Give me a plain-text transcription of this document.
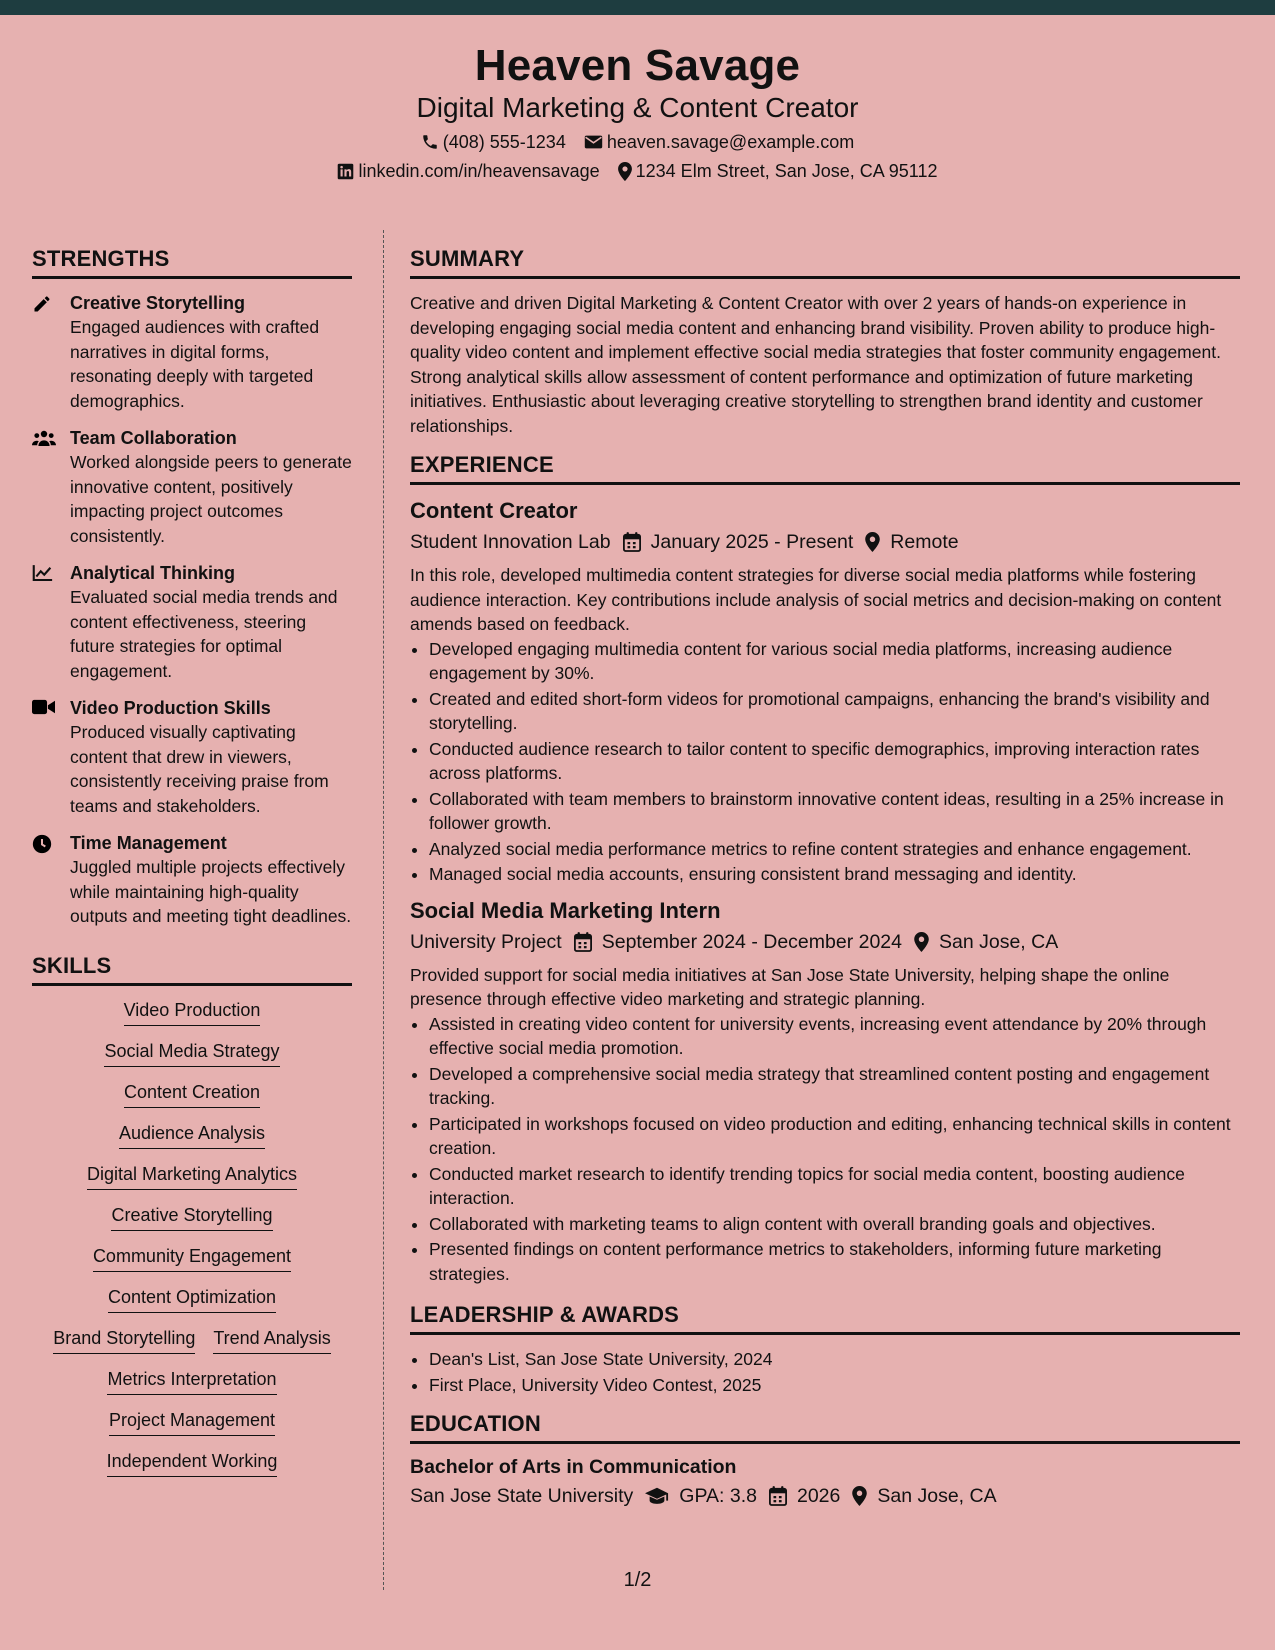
Heaven Savage
Digital Marketing & Content Creator
(408) 555-1234 heaven.savage@example.com
linkedin.com/in/heavensavage 1234 Elm Street, San Jose, CA 95112
STRENGTHS
Creative Storytelling
Engaged audiences with crafted narratives in digital forms, resonating deeply with targeted demographics.
Team Collaboration
Worked alongside peers to generate innovative content, positively impacting project outcomes consistently.
Analytical Thinking
Evaluated social media trends and content effectiveness, steering future strategies for optimal engagement.
Video Production Skills
Produced visually captivating content that drew in viewers, consistently receiving praise from teams and stakeholders.
Time Management
Juggled multiple projects effectively while maintaining high-quality outputs and meeting tight deadlines.
SKILLS
Video Production
Social Media Strategy
Content Creation
Audience Analysis
Digital Marketing Analytics
Creative Storytelling
Community Engagement
Content Optimization
Brand Storytelling Trend Analysis
Metrics Interpretation
Project Management
Independent Working
SUMMARY

Creative and driven Digital Marketing & Content Creator with over 2 years of hands-on experience in developing engaging social media content and enhancing brand visibility. Proven ability to produce high-quality video content and implement effective social media strategies that foster community engagement. Strong analytical skills allow assessment of content performance and optimization of future marketing initiatives. Enthusiastic about leveraging creative storytelling to strengthen brand identity and customer relationships.

EXPERIENCE
Content Creator
Student Innovation Lab January 2025 - Present Remote

In this role, developed multimedia content strategies for diverse social media platforms while fostering audience interaction. Key contributions include analysis of social metrics and decision-making on content amends based on feedback.

• Developed engaging multimedia content for various social media platforms, increasing audience engagement by 30%.
• Created and edited short-form videos for promotional campaigns, enhancing the brand's visibility and storytelling.
• Conducted audience research to tailor content to specific demographics, improving interaction rates across platforms.
• Collaborated with team members to brainstorm innovative content ideas, resulting in a 25% increase in follower growth.
• Analyzed social media performance metrics to refine content strategies and enhance engagement.
• Managed social media accounts, ensuring consistent brand messaging and identity.
Social Media Marketing Intern
University Project September 2024 - December 2024 San Jose, CA

Provided support for social media initiatives at San Jose State University, helping shape the online presence through effective video marketing and strategic planning.

• Assisted in creating video content for university events, increasing event attendance by 20% through effective social media promotion.
• Developed a comprehensive social media strategy that streamlined content posting and engagement tracking.
• Participated in workshops focused on video production and editing, enhancing technical skills in content creation.
• Conducted market research to identify trending topics for social media content, boosting audience interaction.
• Collaborated with marketing teams to align content with overall branding goals and objectives.
• Presented findings on content performance metrics to stakeholders, informing future marketing strategies.
LEADERSHIP & AWARDS
• Dean's List, San Jose State University, 2024
• First Place, University Video Contest, 2025
EDUCATION
Bachelor of Arts in Communication
San Jose State University GPA: 3.8 2026 San Jose, CA
1/2
